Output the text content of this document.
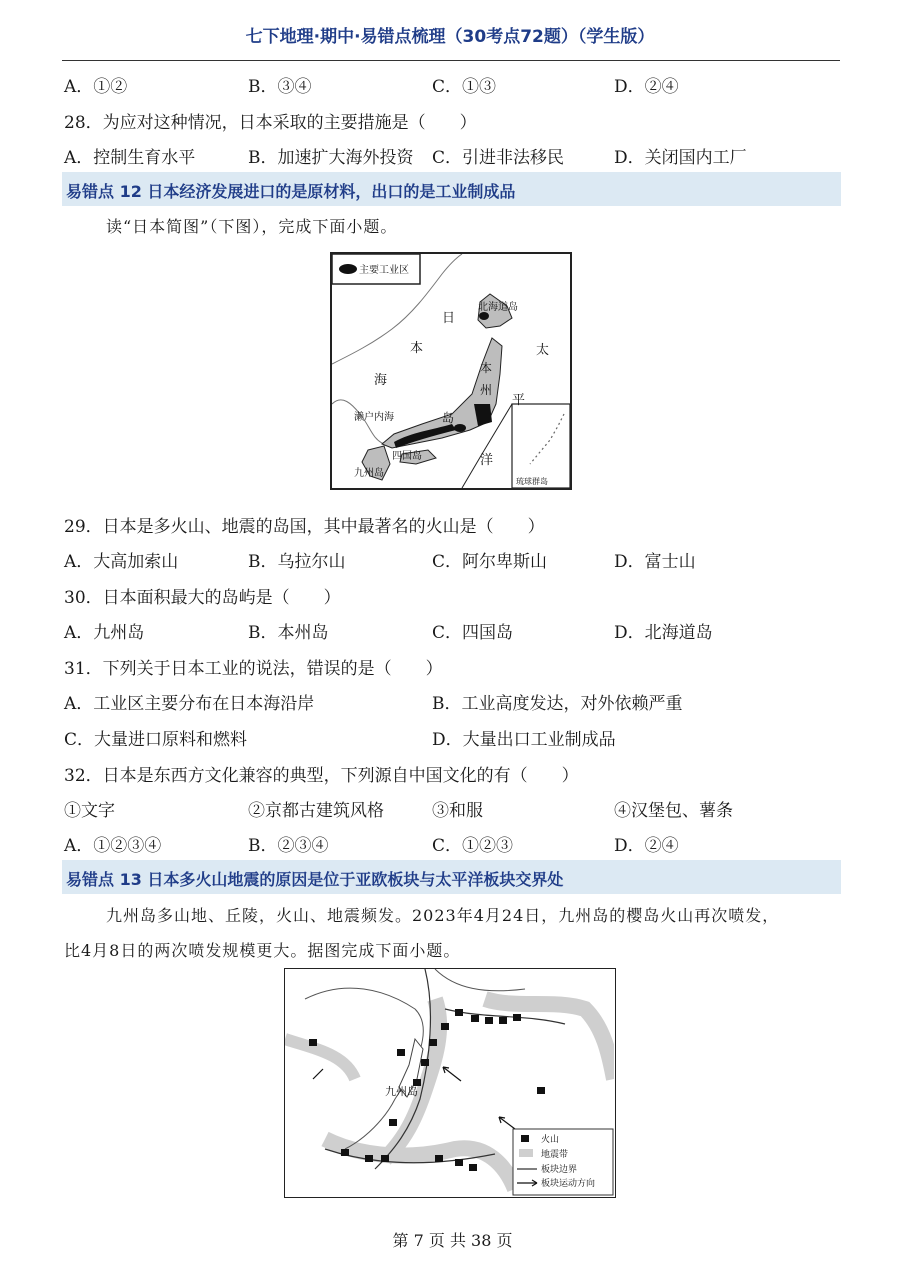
七下地理·期中·易错点梳理（30考点72题）（学生版）
A．①②	B．③④	C．①③	D．②④
28．为应对这种情况，日本采取的主要措施是（　　）
A．控制生育水平	B．加速扩大海外投资 C．引进非法移民	D．关闭国内工厂
易错点 12 日本经济发展进口的是原材料，出口的是工业制成品
读“日本简图”（下图），完成下面小题。
主要工业区
北海道岛
日
本
海
太
平
洋
本
州
岛
濑户内海
四国岛
九州岛
琉球群岛
29．日本是多火山、地震的岛国，其中最著名的火山是（　　）
A．大高加索山	B．乌拉尔山	C．阿尔卑斯山	D．富士山
30．日本面积最大的岛屿是（　　）
A．九州岛	B．本州岛	C．四国岛	D．北海道岛
31．下列关于日本工业的说法，错误的是（　　）
A．工业区主要分布在日本海沿岸	B．工业高度发达，对外依赖严重
C．大量进口原料和燃料	D．大量出口工业制成品
32．日本是东西方文化兼容的典型，下列源自中国文化的有（　　）
①文字	②京都古建筑风格	③和服	④汉堡包、薯条
A．①②③④	B．②③④	C．①②③	D．②④
易错点 13 日本多火山地震的原因是位于亚欧板块与太平洋板块交界处
九州岛多山地、丘陵，火山、地震频发。2023年4月24日，九州岛的樱岛火山再次喷发，
比4月8日的两次喷发规模更大。据图完成下面小题。
九州岛
火山
地震带
板块边界
板块运动方向
第 7 页 共 38 页
